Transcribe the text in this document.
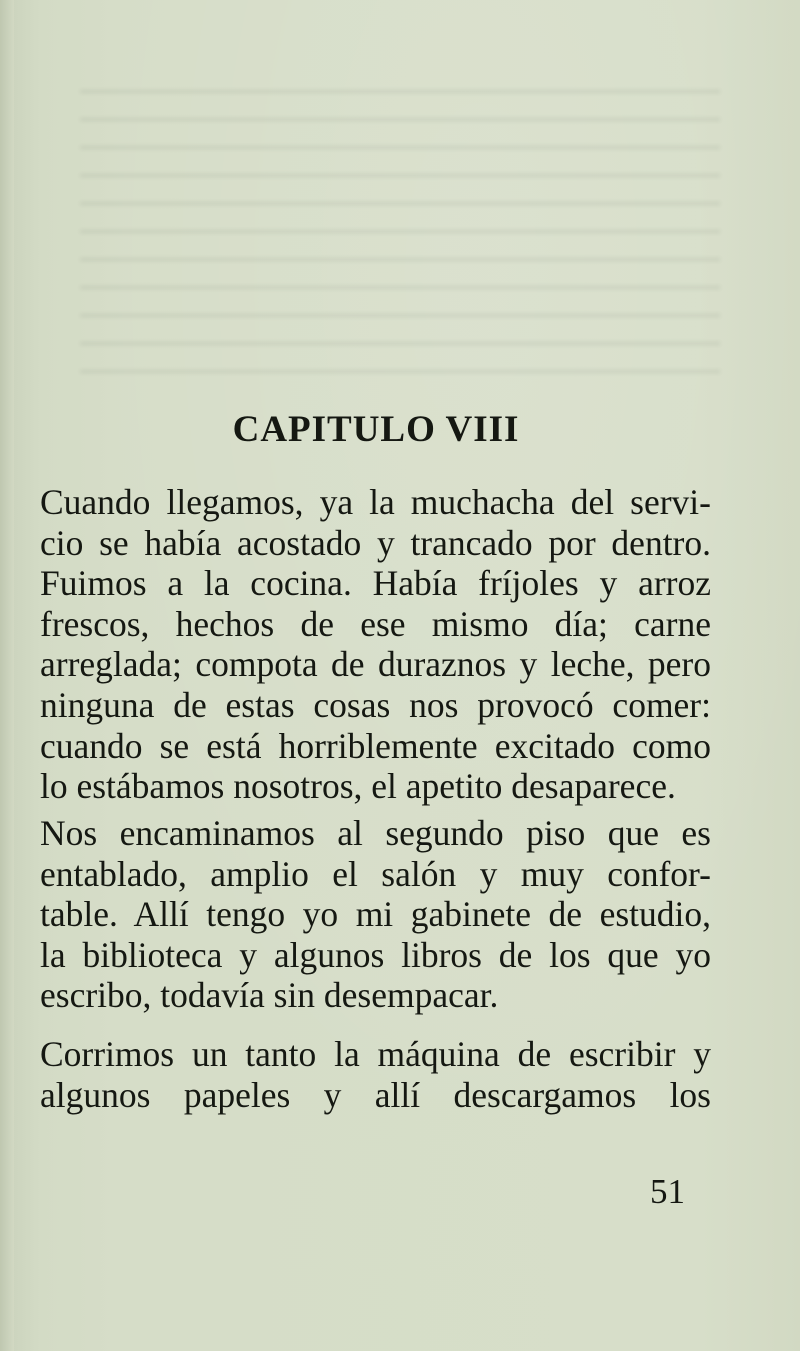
CAPITULO VIII

Cuando llegamos, ya la muchacha del servi-
cio se había acostado y trancado por dentro.
Fuimos a la cocina. Había fríjoles y arroz
frescos, hechos de ese mismo día; carne
arreglada; compota de duraznos y leche, pero
ninguna de estas cosas nos provocó comer:
cuando se está horriblemente excitado como
lo estábamos nosotros, el apetito desaparece.

Nos encaminamos al segundo piso que es
entablado, amplio el salón y muy confor-
table. Allí tengo yo mi gabinete de estudio,
la biblioteca y algunos libros de los que yo
escribo, todavía sin desempacar.

Corrimos un tanto la máquina de escribir y
algunos papeles y allí descargamos los

51
